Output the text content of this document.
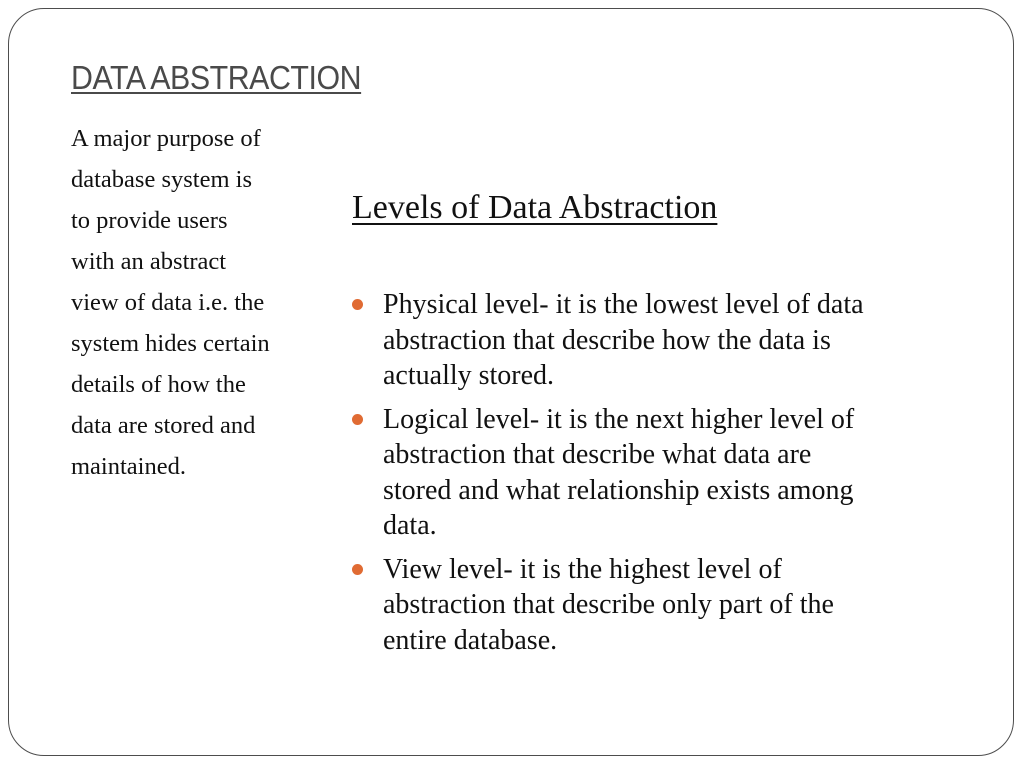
DATA ABSTRACTION

A major purpose of
database system is
to provide users
with an abstract
view of data i.e. the
system hides certain
details of how the
data are stored and
maintained.

Levels of Data Abstraction
Physical level- it is the lowest level of data
abstraction that describe how the data is
actually stored.
Logical level- it is the next higher level of
abstraction that describe what data are
stored and what relationship exists among
data.
View level- it is the highest level of
abstraction that describe only part of the
entire database.
